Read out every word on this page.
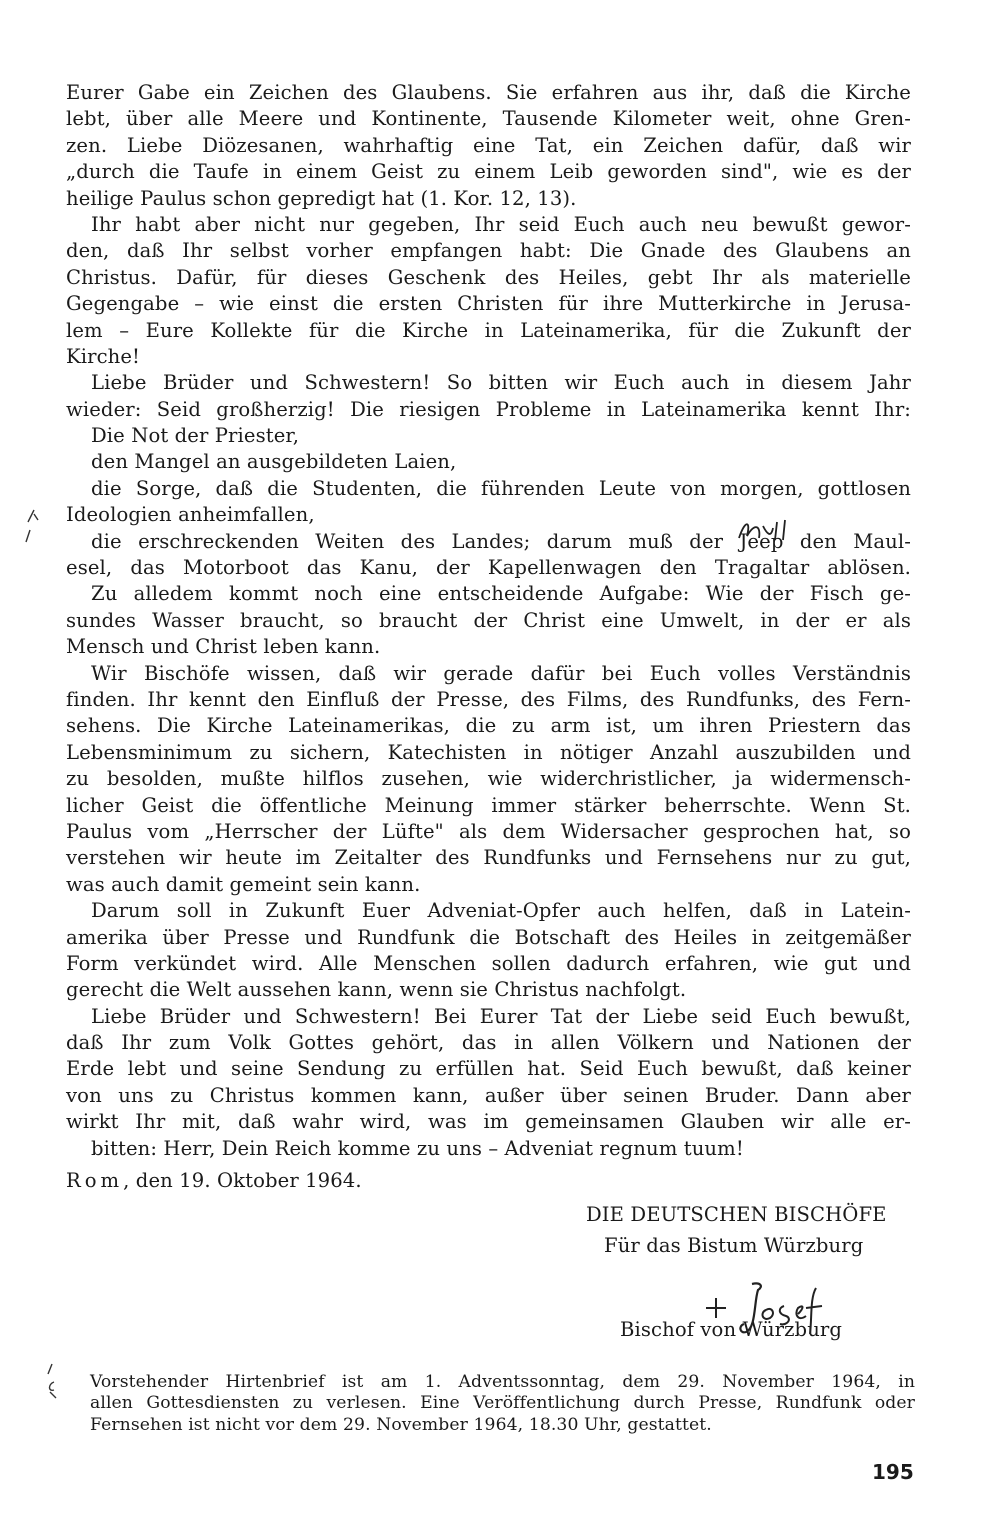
Eurer Gabe ein Zeichen des Glaubens. Sie erfahren aus ihr, daß die Kirche
lebt, über alle Meere und Kontinente, Tausende Kilometer weit, ohne Gren-
zen. Liebe Diözesanen, wahrhaftig eine Tat, ein Zeichen dafür, daß wir
„durch die Taufe in einem Geist zu einem Leib geworden sind", wie es der
heilige Paulus schon gepredigt hat (1. Kor. 12, 13).
Ihr habt aber nicht nur gegeben, Ihr seid Euch auch neu bewußt gewor-
den, daß Ihr selbst vorher empfangen habt: Die Gnade des Glaubens an
Christus. Dafür, für dieses Geschenk des Heiles, gebt Ihr als materielle
Gegengabe – wie einst die ersten Christen für ihre Mutterkirche in Jerusa-
lem – Eure Kollekte für die Kirche in Lateinamerika, für die Zukunft der
Kirche!
Liebe Brüder und Schwestern! So bitten wir Euch auch in diesem Jahr
wieder: Seid großherzig! Die riesigen Probleme in Lateinamerika kennt Ihr:
Die Not der Priester,
den Mangel an ausgebildeten Laien,
die Sorge, daß die Studenten, die führenden Leute von morgen, gottlosen
Ideologien anheimfallen,
die erschreckenden Weiten des Landes; darum muß der Jeep den Maul-
esel, das Motorboot das Kanu, der Kapellenwagen den Tragaltar ablösen.
Zu alledem kommt noch eine entscheidende Aufgabe: Wie der Fisch ge-
sundes Wasser braucht, so braucht der Christ eine Umwelt, in der er als
Mensch und Christ leben kann.
Wir Bischöfe wissen, daß wir gerade dafür bei Euch volles Verständnis
finden. Ihr kennt den Einfluß der Presse, des Films, des Rundfunks, des Fern-
sehens. Die Kirche Lateinamerikas, die zu arm ist, um ihren Priestern das
Lebensminimum zu sichern, Katechisten in nötiger Anzahl auszubilden und
zu besolden, mußte hilflos zusehen, wie widerchristlicher, ja widermensch-
licher Geist die öffentliche Meinung immer stärker beherrschte. Wenn St.
Paulus vom „Herrscher der Lüfte" als dem Widersacher gesprochen hat, so
verstehen wir heute im Zeitalter des Rundfunks und Fernsehens nur zu gut,
was auch damit gemeint sein kann.
Darum soll in Zukunft Euer Adveniat-Opfer auch helfen, daß in Latein-
amerika über Presse und Rundfunk die Botschaft des Heiles in zeitgemäßer
Form verkündet wird. Alle Menschen sollen dadurch erfahren, wie gut und
gerecht die Welt aussehen kann, wenn sie Christus nachfolgt.
Liebe Brüder und Schwestern! Bei Eurer Tat der Liebe seid Euch bewußt,
daß Ihr zum Volk Gottes gehört, das in allen Völkern und Nationen der
Erde lebt und seine Sendung zu erfüllen hat. Seid Euch bewußt, daß keiner
von uns zu Christus kommen kann, außer über seinen Bruder. Dann aber
wirkt Ihr mit, daß wahr wird, was im gemeinsamen Glauben wir alle er-
bitten: Herr, Dein Reich komme zu uns – Adveniat regnum tuum!
Rom, den 19. Oktober 1964.
DIE DEUTSCHEN BISCHÖFE
Für das Bistum Würzburg
Bischof von Würzburg
Vorstehender Hirtenbrief ist am 1. Adventssonntag, dem 29. November 1964, in
allen Gottesdiensten zu verlesen. Eine Veröffentlichung durch Presse, Rundfunk oder
Fernsehen ist nicht vor dem 29. November 1964, 18.30 Uhr, gestattet.
195
